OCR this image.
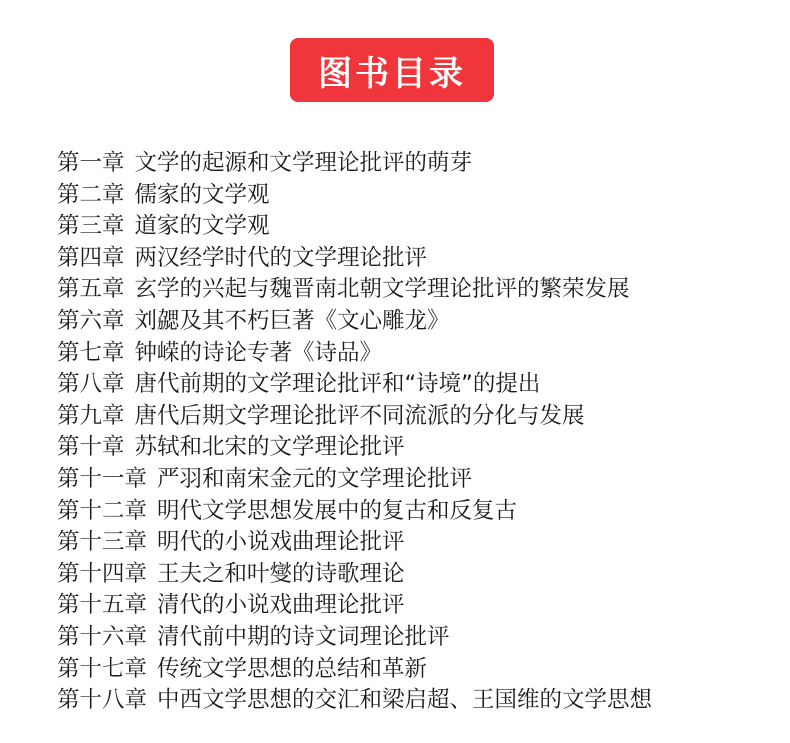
图书目录
第一章 文学的起源和文学理论批评的萌芽
第二章 儒家的文学观
第三章 道家的文学观
第四章 两汉经学时代的文学理论批评
第五章 玄学的兴起与魏晋南北朝文学理论批评的繁荣发展
第六章 刘勰及其不朽巨著《文心雕龙》
第七章 钟嵘的诗论专著《诗品》
第八章 唐代前期的文学理论批评和“诗境”的提出
第九章 唐代后期文学理论批评不同流派的分化与发展
第十章 苏轼和北宋的文学理论批评
第十一章 严羽和南宋金元的文学理论批评
第十二章 明代文学思想发展中的复古和反复古
第十三章 明代的小说戏曲理论批评
第十四章 王夫之和叶燮的诗歌理论
第十五章 清代的小说戏曲理论批评
第十六章 清代前中期的诗文词理论批评
第十七章 传统文学思想的总结和革新
第十八章 中西文学思想的交汇和梁启超、王国维的文学思想
